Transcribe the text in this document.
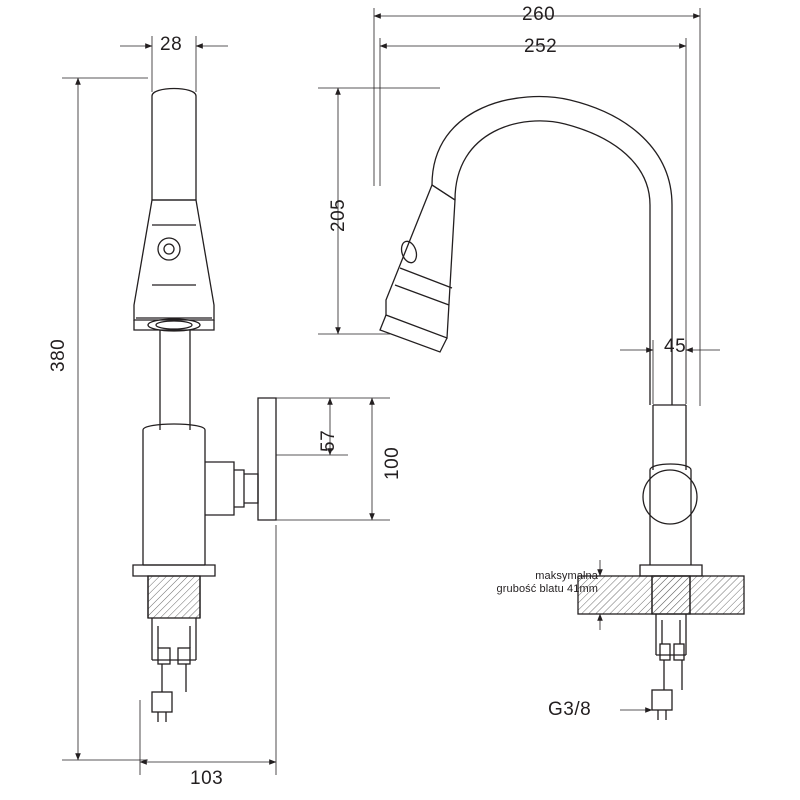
28
380
57
100
103
260
252
205
45
G3/8
maksymalna
grubość blatu 41mm
